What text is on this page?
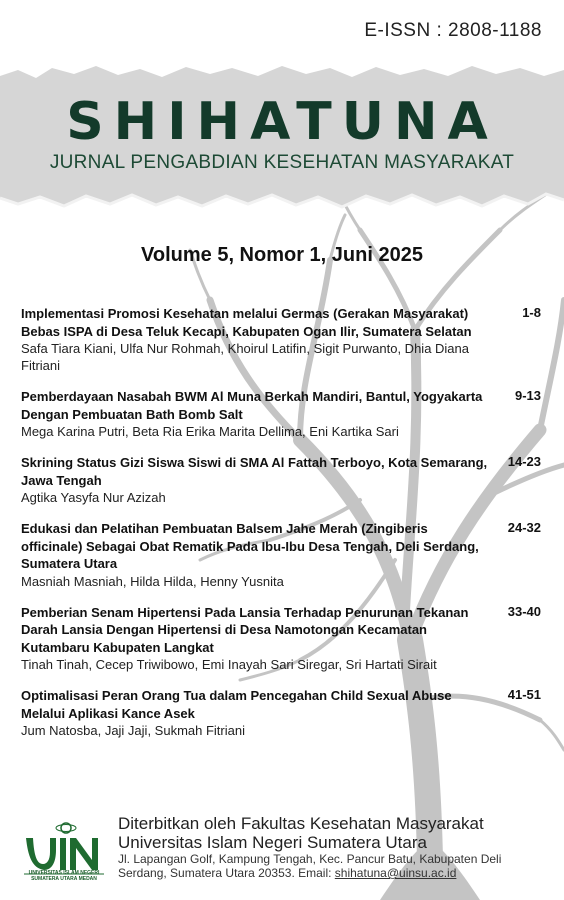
E-ISSN : 2808-1188
SHIHATUNA
JURNAL PENGABDIAN KESEHATAN MASYARAKAT
Volume 5, Nomor 1, Juni 2025
Implementasi Promosi Kesehatan melalui Germas (Gerakan Masyarakat) Bebas ISPA di Desa Teluk Kecapi, Kabupaten Ogan Ilir, Sumatera Selatan
1-8
Safa Tiara Kiani, Ulfa Nur Rohmah, Khoirul Latifin, Sigit Purwanto, Dhia Diana Fitriani
Pemberdayaan Nasabah BWM Al Muna Berkah Mandiri, Bantul, Yogyakarta Dengan Pembuatan Bath Bomb Salt
9-13
Mega Karina Putri, Beta Ria Erika Marita Dellima, Eni Kartika Sari
Skrining Status Gizi Siswa Siswi di SMA Al Fattah Terboyo, Kota Semarang, Jawa Tengah
14-23
Agtika Yasyfa Nur Azizah
Edukasi dan Pelatihan Pembuatan Balsem Jahe Merah (Zingiberis officinale) Sebagai Obat Rematik Pada Ibu-Ibu Desa Tengah, Deli Serdang, Sumatera Utara
24-32
Masniah Masniah, Hilda Hilda, Henny Yusnita
Pemberian Senam Hipertensi Pada Lansia Terhadap Penurunan Tekanan Darah Lansia Dengan Hipertensi di Desa Namotongan Kecamatan Kutambaru Kabupaten Langkat
33-40
Tinah Tinah, Cecep Triwibowo, Emi Inayah Sari Siregar, Sri Hartati Sirait
Optimalisasi Peran Orang Tua dalam Pencegahan Child Sexual Abuse Melalui Aplikasi Kance Asek
41-51
Jum Natosba, Jaji Jaji, Sukmah Fitriani
UNIVERSITAS ISLAM NEGERI SUMATERA UTARA MEDAN
Diterbitkan oleh Fakultas Kesehatan Masyarakat
Universitas Islam Negeri Sumatera Utara
Jl. Lapangan Golf, Kampung Tengah, Kec. Pancur Batu, Kabupaten Deli Serdang, Sumatera Utara 20353. Email: shihatuna@uinsu.ac.id
